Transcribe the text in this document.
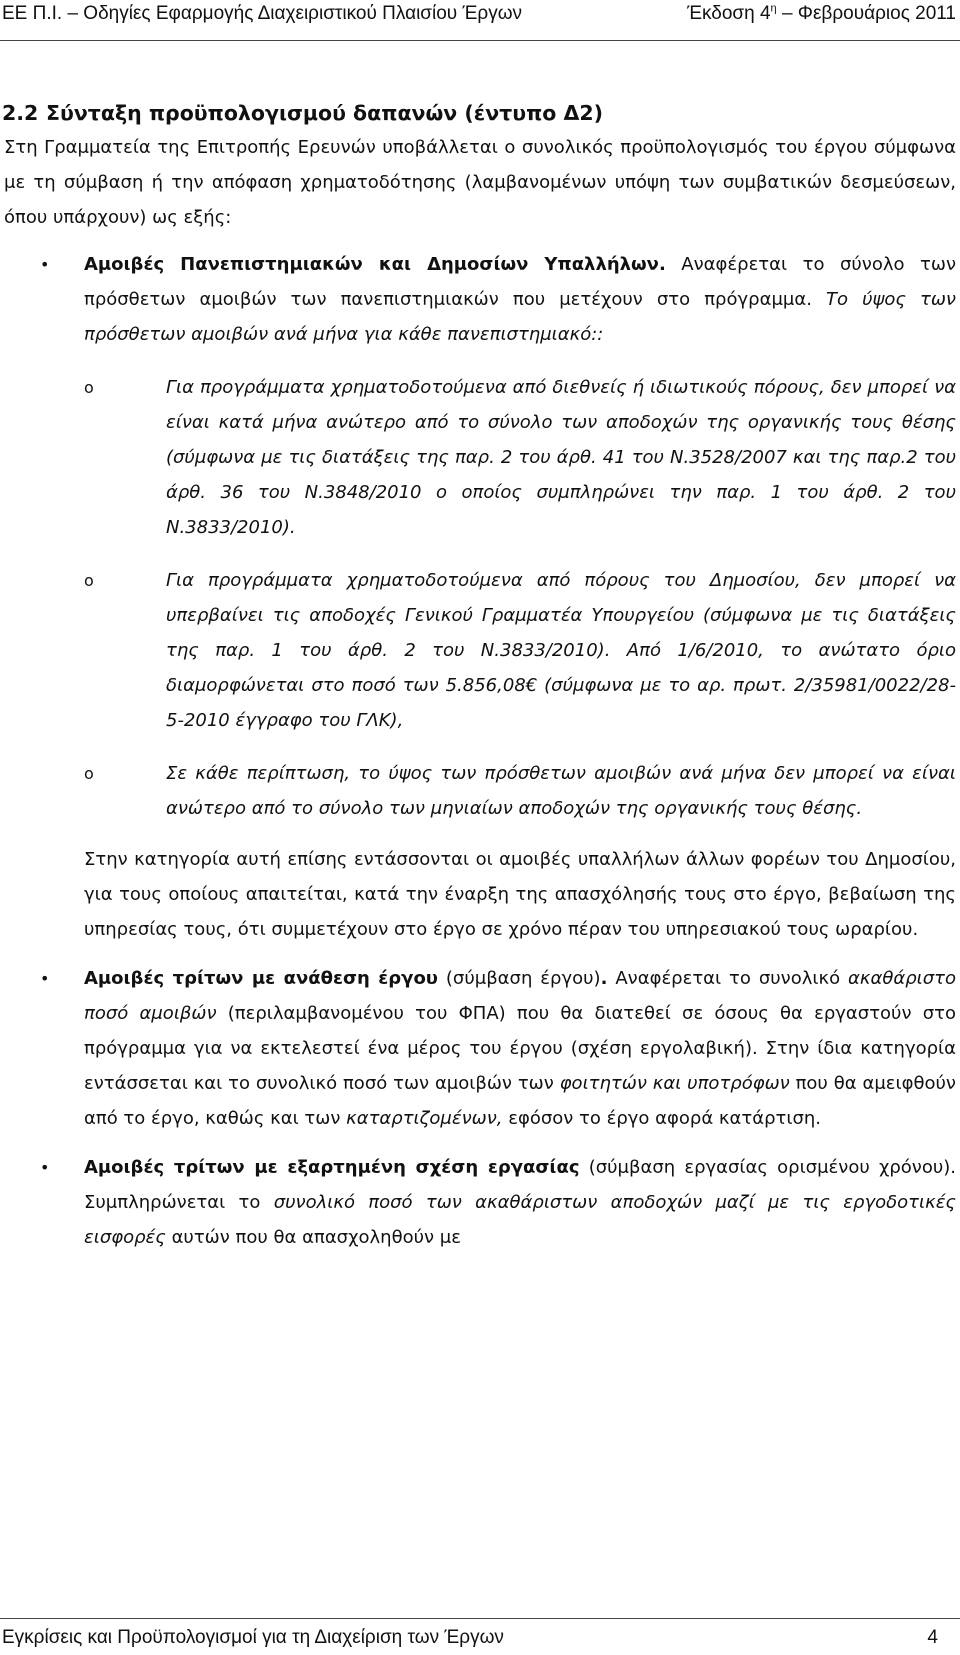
ΕΕ Π.Ι. – Οδηγίες Εφαρμογής Διαχειριστικού Πλαισίου Έργων	Έκδοση $4^\eta$ – Φεβρουάριος 2011
2.2 Σύνταξη προϋπολογισμού δαπανών (έντυπο Δ2)

Στη Γραμματεία της Επιτροπής Ερευνών υποβάλλεται ο συνολικός προϋπολογισμός του έργου σύμφωνα με τη σύμβαση ή την απόφαση χρηματοδότησης (λαμβανομένων υπόψη των συμβατικών δεσμεύσεων, όπου υπάρχουν) ως εξής:

• Αμοιβές Πανεπιστημιακών και Δημοσίων Υπαλλήλων. Αναφέρεται το σύνολο των πρόσθετων αμοιβών των πανεπιστημιακών που μετέχουν στο πρόγραμμα. Το ύψος των πρόσθετων αμοιβών ανά μήνα για κάθε πανεπιστημιακό::

o	Για προγράμματα χρηματοδοτούμενα από διεθνείς ή ιδιωτικούς πόρους, δεν μπορεί να είναι κατά μήνα ανώτερο από το σύνολο των αποδοχών της οργανικής τους θέσης (σύμφωνα με τις διατάξεις της παρ. 2 του άρθ. 41 του Ν.3528/2007 και της παρ.2 του άρθ. 36 του Ν.3848/2010 ο οποίος συμπληρώνει την παρ. 1 του άρθ. 2 του Ν.3833/2010).

o	Για προγράμματα χρηματοδοτούμενα από πόρους του Δημοσίου, δεν μπορεί να υπερβαίνει τις αποδοχές Γενικού Γραμματέα Υπουργείου (σύμφωνα με τις διατάξεις της παρ. 1 του άρθ. 2 του Ν.3833/2010). Από 1/6/2010, το ανώτατο όριο διαμορφώνεται στο ποσό των 5.856,08€ (σύμφωνα με το αρ. πρωτ. 2/35981/0022/28-5-2010 έγγραφο του ΓΛΚ),

o	Σε κάθε περίπτωση, το ύψος των πρόσθετων αμοιβών ανά μήνα δεν μπορεί να είναι ανώτερο από το σύνολο των μηνιαίων αποδοχών της οργανικής τους θέσης.

Στην κατηγορία αυτή επίσης εντάσσονται οι αμοιβές υπαλλήλων άλλων φορέων του Δημοσίου, για τους οποίους απαιτείται, κατά την έναρξη της απασχόλησής τους στο έργο, βεβαίωση της υπηρεσίας τους, ότι συμμετέχουν στο έργο σε χρόνο πέραν του υπηρεσιακού τους ωραρίου.

• Αμοιβές τρίτων με ανάθεση έργου (σύμβαση έργου). Αναφέρεται το συνολικό ακαθάριστο ποσό αμοιβών (περιλαμβανομένου του ΦΠΑ) που θα διατεθεί σε όσους θα εργαστούν στο πρόγραμμα για να εκτελεστεί ένα μέρος του έργου (σχέση εργολαβική). Στην ίδια κατηγορία εντάσσεται και το συνολικό ποσό των αμοιβών των φοιτητών και υποτρόφων που θα αμειφθούν από το έργο, καθώς και των καταρτιζομένων, εφόσον το έργο αφορά κατάρτιση.

• Αμοιβές τρίτων με εξαρτημένη σχέση εργασίας (σύμβαση εργασίας ορισμένου χρόνου). Συμπληρώνεται το συνολικό ποσό των ακαθάριστων αποδοχών μαζί με τις εργοδοτικές εισφορές αυτών που θα απασχοληθούν με

Εγκρίσεις και Προϋπολογισμοί για τη Διαχείριση των Έργων	4
